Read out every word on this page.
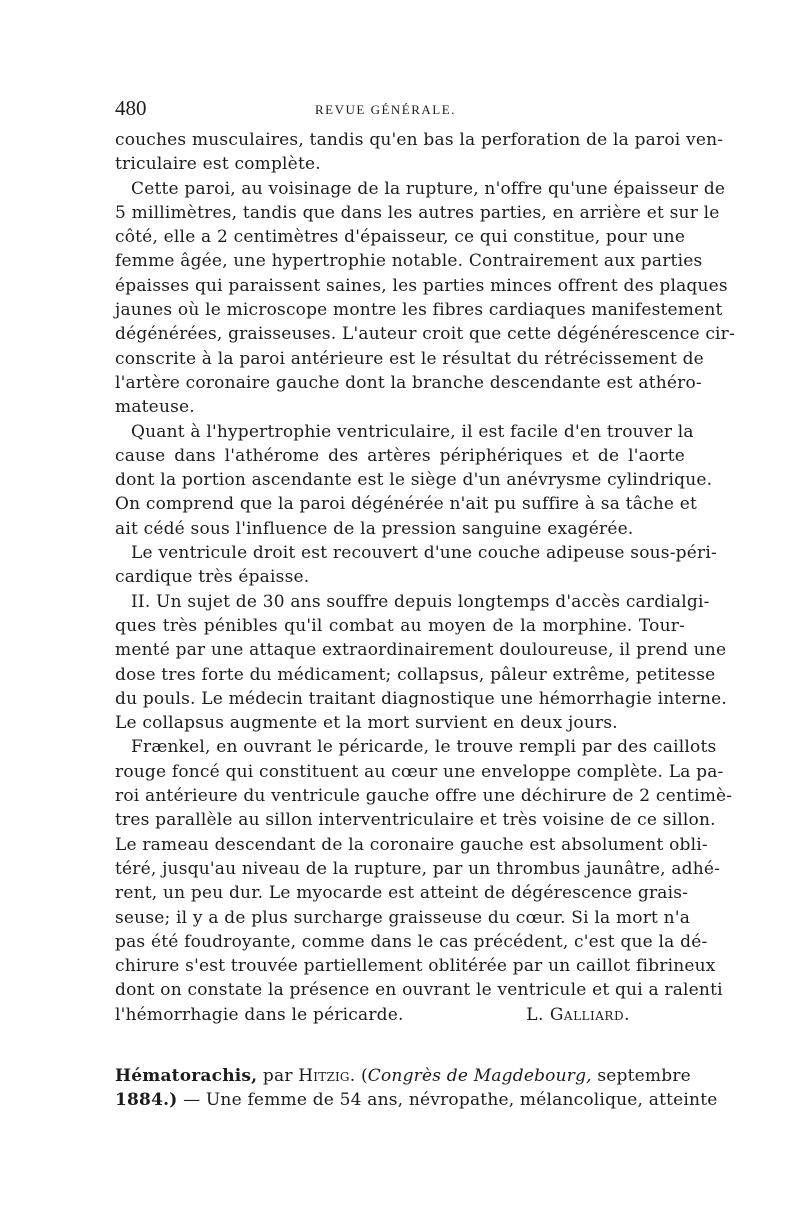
480	REVUE GÉNÉRALE.
couches musculaires, tandis qu'en bas la perforation de la paroi ven-
triculaire est complète.
Cette paroi, au voisinage de la rupture, n'offre qu'une épaisseur de
5 millimètres, tandis que dans les autres parties, en arrière et sur le
côté, elle a 2 centimètres d'épaisseur, ce qui constitue, pour une
femme âgée, une hypertrophie notable. Contrairement aux parties
épaisses qui paraissent saines, les parties minces offrent des plaques
jaunes où le microscope montre les fibres cardiaques manifestement
dégénérées, graisseuses. L'auteur croit que cette dégénérescence cir-
conscrite à la paroi antérieure est le résultat du rétrécissement de
l'artère coronaire gauche dont la branche descendante est athéro-
mateuse.
Quant à l'hypertrophie ventriculaire, il est facile d'en trouver la
cause dans l'athérome des artères périphériques et de l'aorte
dont la portion ascendante est le siège d'un anévrysme cylindrique.
On comprend que la paroi dégénérée n'ait pu suffire à sa tâche et
ait cédé sous l'influence de la pression sanguine exagérée.
Le ventricule droit est recouvert d'une couche adipeuse sous-péri-
cardique très épaisse.
II. Un sujet de 30 ans souffre depuis longtemps d'accès cardialgi-
ques très pénibles qu'il combat au moyen de la morphine. Tour-
menté par une attaque extraordinairement douloureuse, il prend une
dose tres forte du médicament; collapsus, pâleur extrême, petitesse
du pouls. Le médecin traitant diagnostique une hémorrhagie interne.
Le collapsus augmente et la mort survient en deux jours.
Frænkel, en ouvrant le péricarde, le trouve rempli par des caillots
rouge foncé qui constituent au cœur une enveloppe complète. La pa-
roi antérieure du ventricule gauche offre une déchirure de 2 centimè-
tres parallèle au sillon interventriculaire et très voisine de ce sillon.
Le rameau descendant de la coronaire gauche est absolument obli-
téré, jusqu'au niveau de la rupture, par un thrombus jaunâtre, adhé-
rent, un peu dur. Le myocarde est atteint de dégérescence grais-
seuse; il y a de plus surcharge graisseuse du cœur. Si la mort n'a
pas été foudroyante, comme dans le cas précédent, c'est que la dé-
chirure s'est trouvée partiellement oblitérée par un caillot fibrineux
dont on constate la présence en ouvrant le ventricule et qui a ralenti
l'hémorrhagie dans le péricarde.	L. Galliard.
Hématorachis, par Hitzig. (Congrès de Magdebourg, septembre
1884.) — Une femme de 54 ans, névropathe, mélancolique, atteinte
